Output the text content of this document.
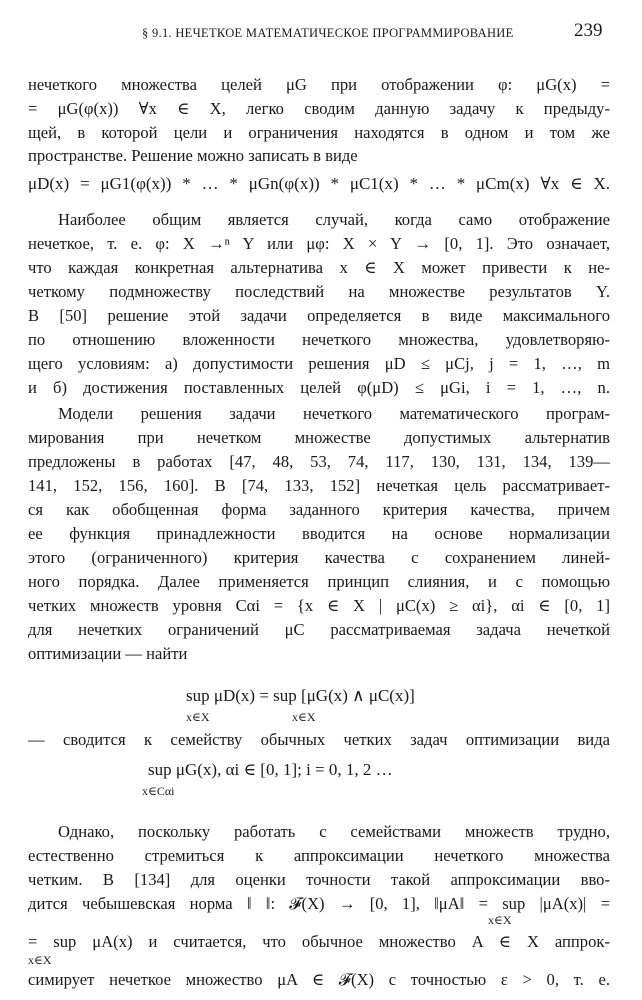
§ 9.1. НЕЧЕТКОЕ МАТЕМАТИЧЕСКОЕ ПРОГРАММИРОВАНИЕ	239
нечеткого множества целей μG при отображении φ: μG(x) =
= μG(φ(x)) ∀x ∈ X, легко сводим данную задачу к предыду-
щей, в которой цели и ограничения находятся в одном и том же
пространстве. Решение можно записать в виде
μD(x) = μG1(φ(x)) * … * μGn(φ(x)) * μC1(x) * … * μCm(x) ∀x ∈ X.
Наиболее общим является случай, когда само отображение
нечеткое, т. е. φ: X →ⁿ Y или μφ: X × Y → [0, 1]. Это означает,
что каждая конкретная альтернатива x ∈ X может привести к не-
четкому подмножеству последствий на множестве результатов Y.
В [50] решение этой задачи определяется в виде максимального
по отношению вложенности нечеткого множества, удовлетворяю-
щего условиям: а) допустимости решения μD ≤ μCj, j = 1, …, m
и б) достижения поставленных целей φ(μD) ≤ μGi, i = 1, …, n.
Модели решения задачи нечеткого математического програм-
мирования при нечетком множестве допустимых альтернатив
предложены в работах [47, 48, 53, 74, 117, 130, 131, 134, 139—
141, 152, 156, 160]. В [74, 133, 152] нечеткая цель рассматривает-
ся как обобщенная форма заданного критерия качества, причем
ее функция принадлежности вводится на основе нормализации
этого (ограниченного) критерия качества с сохранением линей-
ного порядка. Далее применяется принцип слияния, и с помощью
четких множеств уровня Cαi = {x ∈ X | μC(x) ≥ αi}, αi ∈ [0, 1]
для нечетких ограничений μC рассматриваемая задача нечеткой
оптимизации — найти
sup μD(x) = sup [μG(x) ∧ μC(x)]
x∈X	x∈X
— сводится к семейству обычных четких задач оптимизации вида
sup μG(x), αi ∈ [0, 1]; i = 0, 1, 2 …
x∈Cαi
Однако, поскольку работать с семействами множеств трудно,
естественно стремиться к аппроксимации нечеткого множества
четким. В [134] для оценки точности такой аппроксимации вво-
дится чебышевская норма ‖ ‖: 𝓕(X) → [0, 1], ‖μA‖ = sup |μA(x)| =
x∈X
= sup μA(x) и считается, что обычное множество A ∈ X аппрок-
x∈X
симирует нечеткое множество μA ∈ 𝓕(X) с точностью ε > 0, т. е.
